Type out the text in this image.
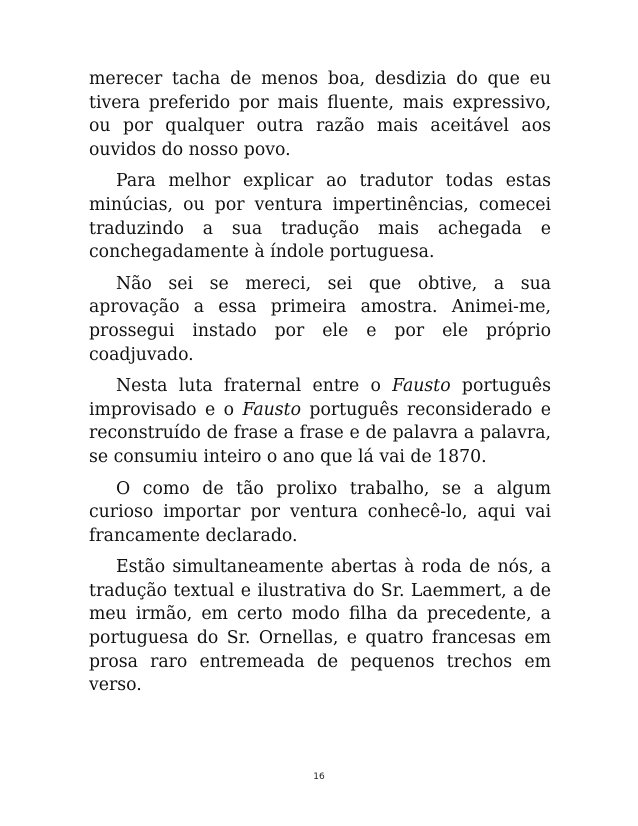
merecer tacha de menos boa, desdizia do que eu tivera preferido por mais fluente, mais expressivo, ou por qualquer outra razão mais aceitável aos ouvidos do nosso povo.

Para melhor explicar ao tradutor todas estas minúcias, ou por ventura impertinências, comecei traduzindo a sua tradução mais achegada e conchegadamente à índole portuguesa.

Não sei se mereci, sei que obtive, a sua aprovação a essa primeira amostra. Animei-me, prossegui instado por ele e por ele próprio coadjuvado.

Nesta luta fraternal entre o Fausto português improvisado e o Fausto português reconsiderado e reconstruído de frase a frase e de palavra a palavra, se consumiu inteiro o ano que lá vai de 1870.

O como de tão prolixo trabalho, se a algum curioso importar por ventura conhecê-lo, aqui vai francamente declarado.

Estão simultaneamente abertas à roda de nós, a tradução textual e ilustrativa do Sr. Laemmert, a de meu irmão, em certo modo filha da precedente, a portuguesa do Sr. Ornellas, e quatro francesas em prosa raro entremeada de pequenos trechos em verso.

16
